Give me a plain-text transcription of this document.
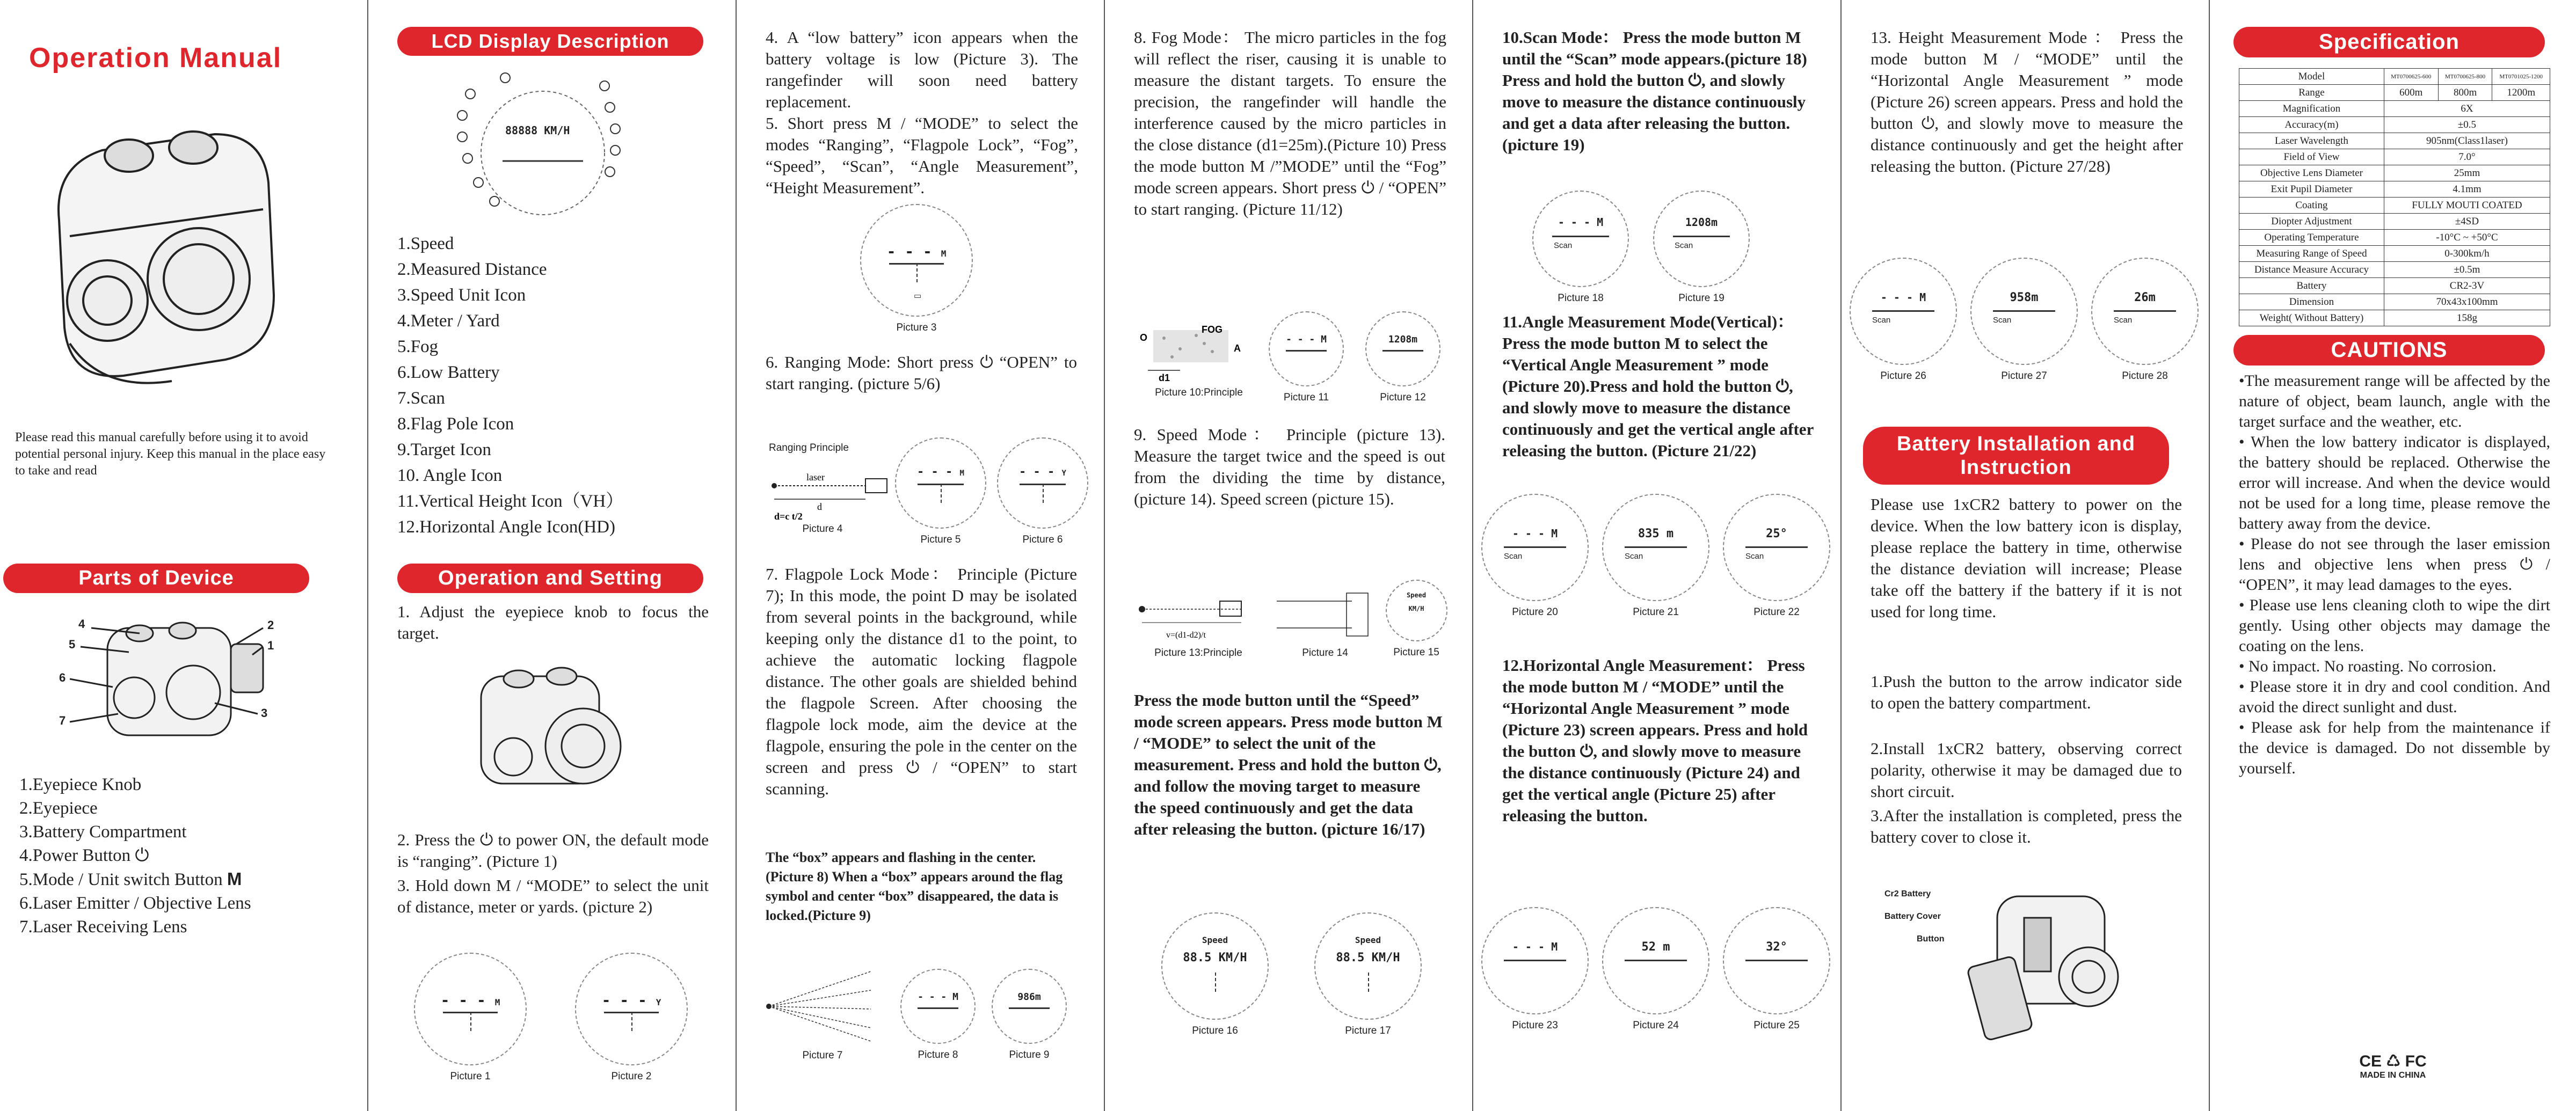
Operation Manual
Please read this manual carefully before using it to avoid potential personal injury. Keep this manual in the place easy to take and read
Parts of Device
4
5
6
7
2
1
3
1.Eyepiece Knob
2.Eyepiece
3.Battery Compartment
4.Power Button ⏻
5.Mode / Unit switch Button M
6.Laser Emitter / Objective Lens
7.Laser Receiving Lens
LCD Display Description
88888 KM/H
1.Speed
2.Measured Distance
3.Speed Unit Icon
4.Meter / Yard
5.Fog
6.Low Battery
7.Scan
8.Flag Pole Icon
9.Target Icon
10. Angle Icon
11.Vertical Height Icon（VH）
12.Horizontal Angle Icon(HD)
Operation and Setting
1. Adjust the eyepiece knob to focus the target.
2. Press the ⏻ to power ON, the default mode is “ranging”. (Picture 1)
3. Hold down M / “MODE” to select the unit of distance, meter or yards. (picture 2)
- - - M
Picture 1
- - - Y
Picture 2
4. A “low battery” icon appears when the battery voltage is low (Picture 3). The rangefinder will soon need battery replacement.
5. Short press M / “MODE” to select the modes “Ranging”, “Flagpole Lock”, “Fog”, “Speed”, “Scan”, “Angle Measurement”, “Height Measurement”.
- - - M
▭
Picture 3
6. Ranging Mode: Short press ⏻ “OPEN” to start ranging. (picture 5/6)
Ranging Principle
laser
d
d=c t/2
Picture 4
- - - M
Picture 5
- - - Y
Picture 6
7. Flagpole Lock Mode： Principle (Picture 7); In this mode, the point D may be isolated from several points in the background, while keeping only the distance d1 to the point, to achieve the automatic locking flagpole distance. The other goals are shielded behind the flagpole Screen. After choosing the flagpole lock mode, aim the device at the flagpole, ensuring the pole in the center on the screen and press ⏻ / “OPEN” to start scanning.
The “box” appears and flashing in the center.(Picture 8) When a “box” appears around the flag symbol and center “box” disappeared, the data is locked.(Picture 9)
Picture 7
- - - M
Picture 8
986m
Picture 9
8. Fog Mode： The micro particles in the fog will reflect the riser, causing it is unable to measure the distant targets. To ensure the precision, the rangefinder will handle the interference caused by the micro particles in the close distance (d1=25m).(Picture 10) Press the mode button M /”MODE” until the “Fog” mode screen appears. Short press ⏻ / “OPEN” to start ranging. (Picture 11/12)
O
FOG
A
d1
Picture 10:Principle
- - - M
Picture 11
1208m
Picture 12
9. Speed Mode： Principle (picture 13). Measure the target twice and the speed is out from the dividing the time by distance, (picture 14). Speed screen (picture 15).
v=(d1-d2)/t
Picture 13:Principle	Picture 14
Speed
KM/H
Picture 15
Press the mode button until the “Speed” mode screen appears. Press mode button M / “MODE” to select the unit of the measurement. Press and hold the button ⏻, and follow the moving target to measure the speed continuously and get the data after releasing the button. (picture 16/17)
Speed
88.5 KM/H
Picture 16
Speed
88.5 KM/H
Picture 17
10.Scan Mode： Press the mode button M until the “Scan” mode appears.(picture 18) Press and hold the button ⏻, and slowly move to measure the distance continuously and get a data after releasing the button.(picture 19)
- - - M
Scan
Picture 18
1208m
Scan
Picture 19
11.Angle Measurement Mode(Vertical)： Press the mode button M to select the “Vertical Angle Measurement ” mode (Picture 20).Press and hold the button ⏻, and slowly move to measure the distance continuously and get the vertical angle after releasing the button. (Picture 21/22)
- - - M
Scan
Picture 20
835 m
Scan
Picture 21
25°
Scan
Picture 22
12.Horizontal Angle Measurement： Press the mode button M / “MODE” until the “Horizontal Angle Measurement ” mode (Picture 23) screen appears. Press and hold the button ⏻, and slowly move to measure the distance continuously (Picture 24) and get the vertical angle (Picture 25) after releasing the button.
- - - M
Picture 23
52 m
Picture 24
32°
Picture 25
13. Height Measurement Mode ： Press the mode button M / “MODE” until the “Horizontal Angle Measurement ” mode (Picture 26) screen appears. Press and hold the button ⏻, and slowly move to measure the distance continuously and get the height after releasing the button. (Picture 27/28)
- - - M
Scan
Picture 26
958m
Scan
Picture 27
26m
Scan
Picture 28
Battery Installation and Instruction
Please use 1xCR2 battery to power on the device. When the low battery icon is display, please replace the battery in time, otherwise the distance deviation will increase; Please take off the battery if the battery if it is not used for long time.
1.Push the button to the arrow indicator side to open the battery compartment.
2.Install 1xCR2 battery, observing correct polarity, otherwise it may be damaged due to short circuit.
3.After the installation is completed, press the battery cover to close it.
Cr2 Battery
Battery Cover
Button
Specification
Model	MT0700625-600	MT0700625-800	MT0701025-1200
Range	600m	800m	1200m
Magnification	6X		
Accuracy(m)	±0.5		
Laser Wavelength	905nm(Class1laser)		
Field of View	7.0°		
Objective Lens Diameter	25mm		
Exit Pupil Diameter	4.1mm		
Coating	FULLY MOUTI COATED		
Diopter Adjustment	±4SD		
Operating Temperature	-10°C ~ +50°C		
Measuring Range of Speed	0-300km/h		
Distance Measure Accuracy	±0.5m		
Battery	CR2-3V		
Dimension	70x43x100mm		
Weight( Without Battery)	158g		
CAUTIONS
•The measurement range will be affected by the nature of object, beam launch, angle with the target surface and the weather, etc.
• When the low battery indicator is displayed, the battery should be replaced. Otherwise the error will increase. And when the device would not be used for a long time, please remove the battery away from the device.
• Please do not see through the laser emission lens and objective lens when press ⏻ / “OPEN”, it may lead damages to the eyes.
• Please use lens cleaning cloth to wipe the dirt gently. Using other objects may damage the coating on the lens.
• No impact. No roasting. No corrosion.
• Please store it in dry and cool condition. And avoid the direct sunlight and dust.
• Please ask for help from the maintenance if the device is damaged. Do not dissemble by yourself.
CE ♺ FC
MADE IN CHINA
